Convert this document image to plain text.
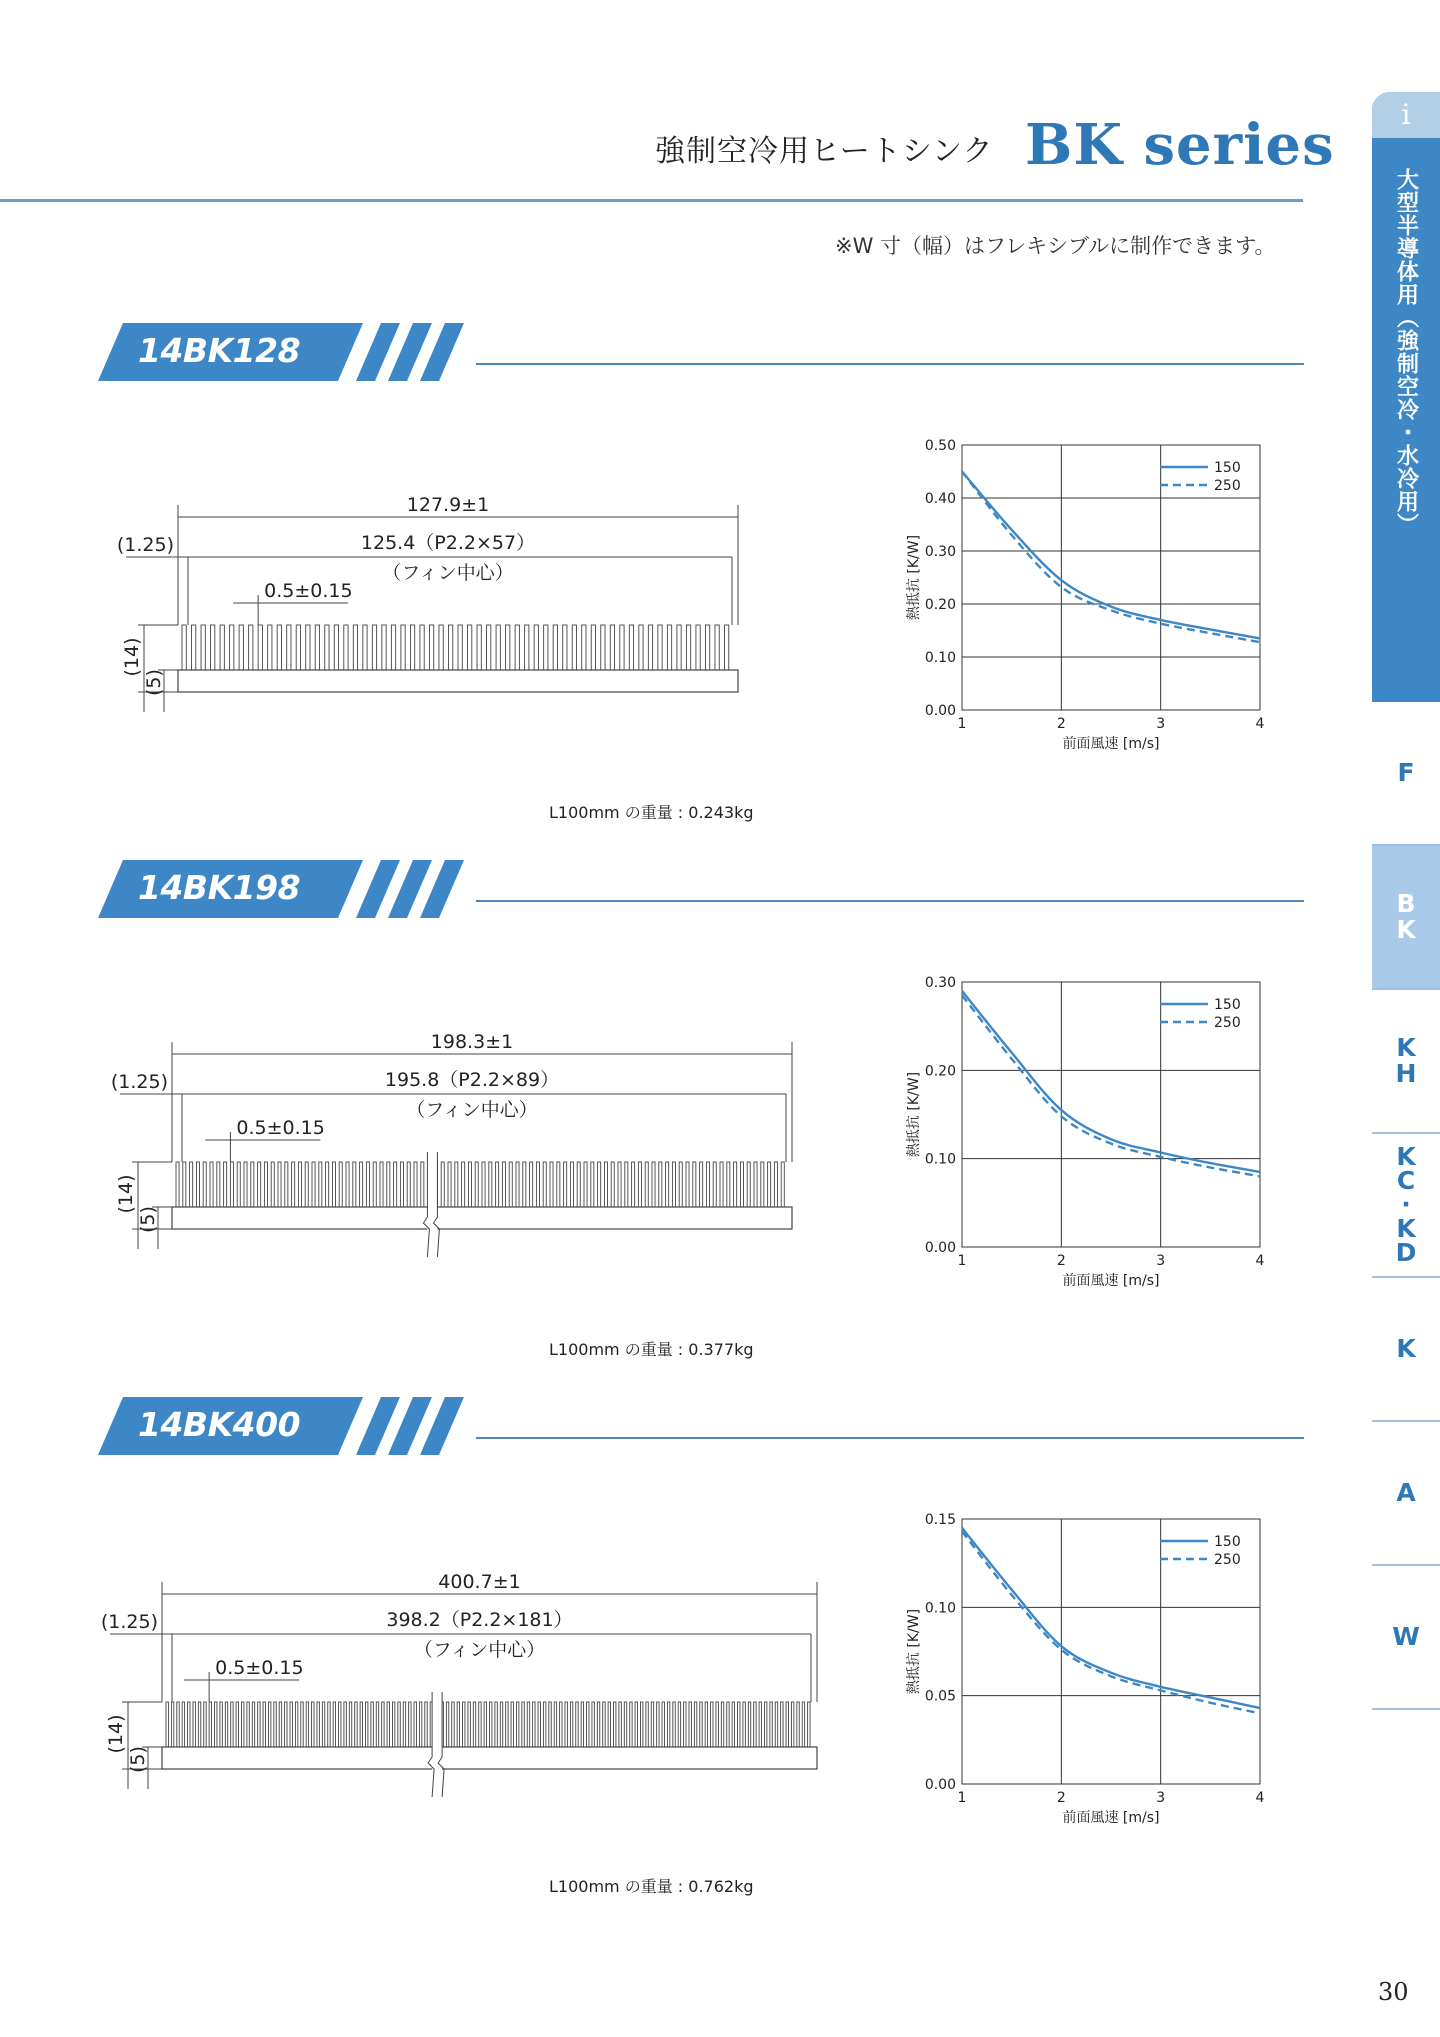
強制空冷用ヒートシンク BK series
※W 寸（幅）はフレキシブルに制作できます。
i
大型半導体用（強制空冷・水冷用）
F
BK
KH
KC·KD
K
A
W
30
14BK128
14BK198
14BK400
127.9±1
125.4（P2.2×57）
（フィン中心）
(1.25)
0.5±0.15
(14)
(5)
198.3±1
195.8（P2.2×89）
（フィン中心）
(1.25)
0.5±0.15
(14)
(5)
400.7±1
398.2（P2.2×181）
（フィン中心）
(1.25)
0.5±0.15
(14)
(5)
L100mm の重量 : 0.243kg
L100mm の重量 : 0.377kg
L100mm の重量 : 0.762kg
1	2	3	4
0.00
0.10
0.20
0.30
0.40
0.50
前面風速 [m/s]
熱抵抗 [K/W]
150
250
1	2	3	4
0.00
0.10
0.20
0.30
前面風速 [m/s]
熱抵抗 [K/W]
150
250
1	2	3	4
0.00
0.05
0.10
0.15
前面風速 [m/s]
熱抵抗 [K/W]
150
250
